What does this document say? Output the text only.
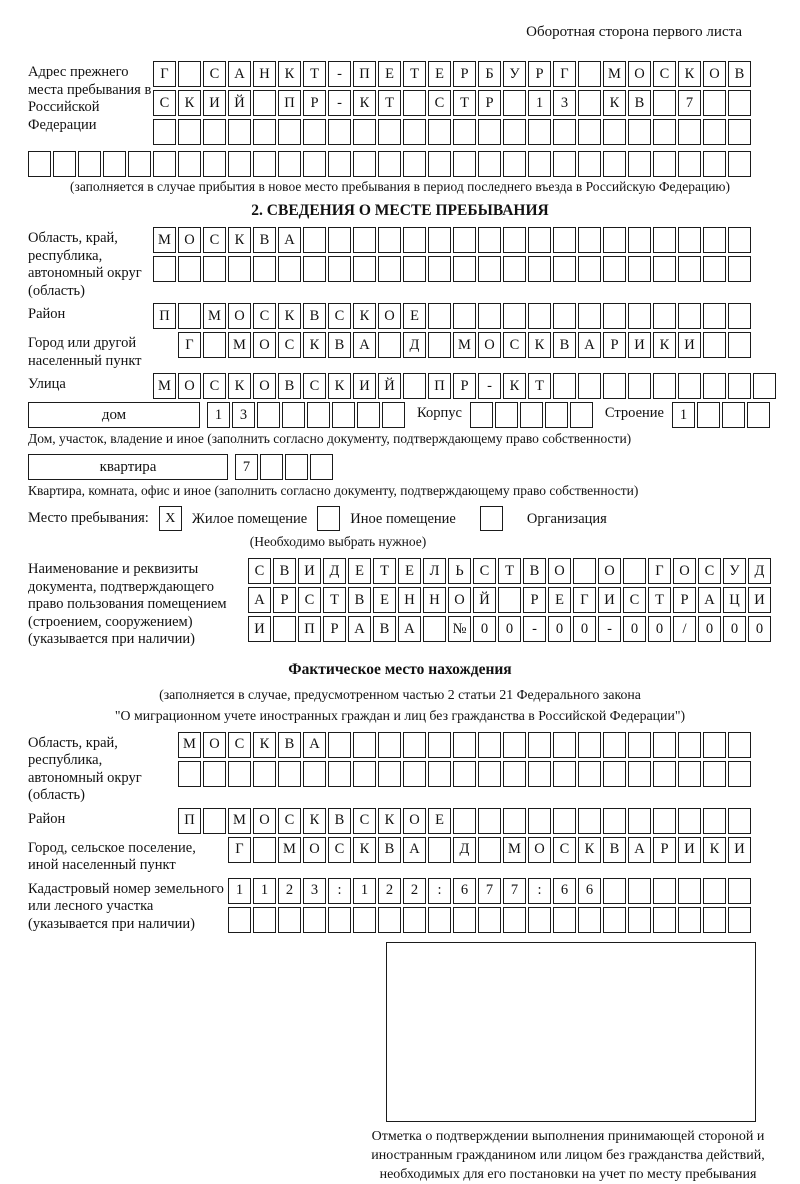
Оборотная сторона первого листа
Адрес прежнего места пребывания в Российской Федерации
Г	С	А	Н	К	Т	-	П	Е	Т	Е	Р	Б	У	Р	Г	М О	С	К	О	В
С	К	И	Й	П	Р	-	К	Т	С	Т	Р	1	3	К	В	7
(заполняется в случае прибытия в новое место пребывания в период последнего въезда в Российскую Федерацию)
2. СВЕДЕНИЯ О МЕСТЕ ПРЕБЫВАНИЯ
Область, край, республика, автономный округ (область)
М О	С	К	В	А
Район	П	М О	С	К	В	С	К	О	Е
Город или другой населенный пункт
Г	М О	С	К	В	А	Д	М О	С	К	В	А	Р	И	К	И
Улица	М О	С	К	О	В	С	К	И	Й	П	Р	-	К	Т
дом	1	3	Корпус	Строение	1
Дом, участок, владение и иное (заполнить согласно документу, подтверждающему право собственности)
квартира	7
Квартира, комната, офис и иное (заполнить согласно документу, подтверждающему право собственности)
Место пребывания:	X	Жилое помещение	Иное помещение	Организация
(Необходимо выбрать нужное)
Наименование и реквизиты документа, подтверждающего право пользования помещением (строением, сооружением) (указывается при наличии)
С	В	И	Д	Е	Т	Е	Л	Ь	С	Т	В	О	О	Г	О	С	У	Д
А	Р	С	Т	В	Е	Н	Н	О	Й	Р	Е	Г	И	С	Т	Р	А	Ц	И
И	П	Р	А	В	А	№ 0	0	-	0	0	-	0	0	/	0	0	0
Фактическое место нахождения
(заполняется в случае, предусмотренном частью 2 статьи 21 Федерального закона
"О миграционном учете иностранных граждан и лиц без гражданства в Российской Федерации")
Область, край, республика, автономный округ (область)
М О	С	К	В	А
Район	П	М О	С	К	В	С	К	О	Е
Город, сельское поселение, иной населенный пункт
Г	М О	С	К	В	А	Д	М О	С	К	В	А	Р	И	К	И
Кадастровый номер земельного или лесного участка (указывается при наличии)
1	1	2	3	:	1	2	2	:	6	7	7	:	6	6
Отметка о подтверждении выполнения принимающей стороной и иностранным гражданином или лицом без гражданства действий, необходимых для его постановки на учет по месту пребывания
